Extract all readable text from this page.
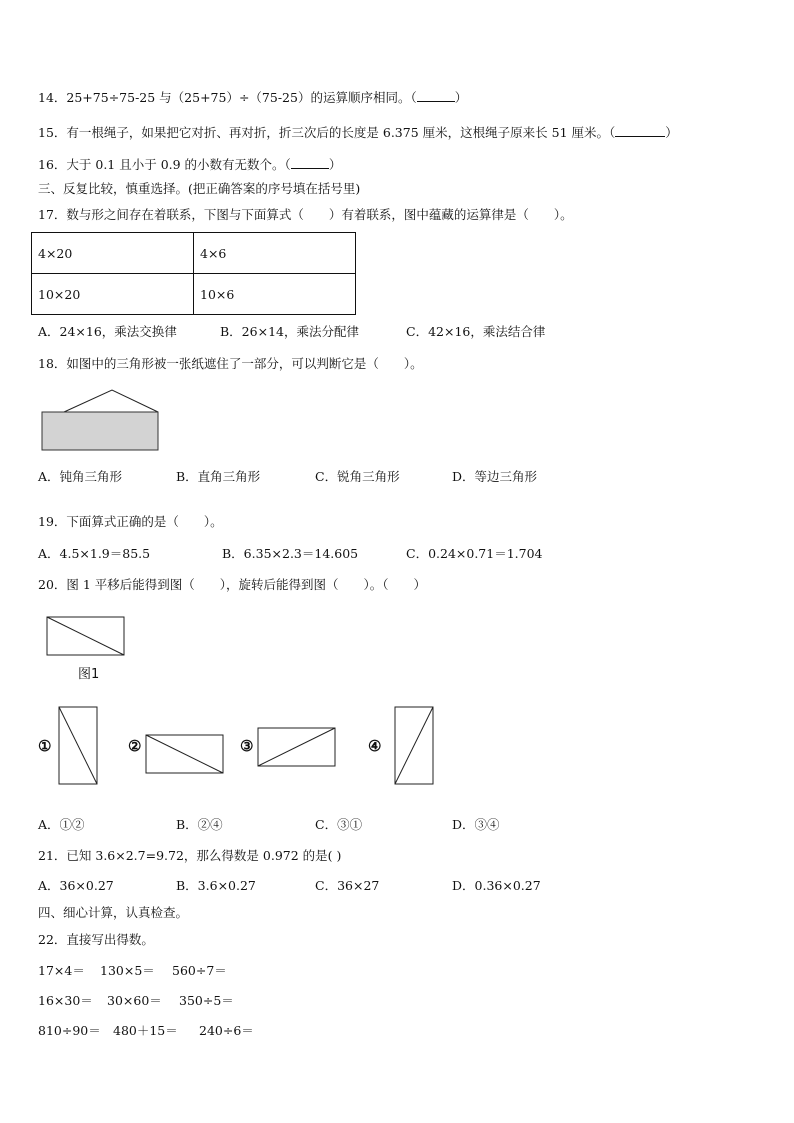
14．25+75÷75-25 与（25+75）÷（75-25）的运算顺序相同。（	）
15．有一根绳子，如果把它对折、再对折，折三次后的长度是 6.375 厘米，这根绳子原来长 51 厘米。（	）
16．大于 0.1 且小于 0.9 的小数有无数个。（	）
三、反复比较，慎重选择。(把正确答案的序号填在括号里)
17．数与形之间存在着联系，下图与下面算式（　　）有着联系，图中蕴藏的运算律是（　　）。
4×20	4×6
10×20	10×6
A．24×16，乘法交换律	B．26×14，乘法分配律	C．42×16，乘法结合律
18．如图中的三角形被一张纸遮住了一部分，可以判断它是（　　）。
A．钝角三角形	B．直角三角形	C．锐角三角形	D．等边三角形
19．下面算式正确的是（　　）。
A．4.5×1.9＝85.5	B．6.35×2.3＝14.605	C．0.24×0.71＝1.704
20．图 1 平移后能得到图（　　），旋转后能得到图（　　）。（　　）
图1
①	②	③	④
A．①②	B．②④	C．③①	D．③④
21．已知 3.6×2.7=9.72，那么得数是 0.972 的是( )
A．36×0.27	B．3.6×0.27	C．36×27	D．0.36×0.27
四、细心计算，认真检查。
22．直接写出得数。
17×4＝ 130×5＝ 560÷7＝
16×30＝ 30×60＝ 350÷5＝
810÷90＝ 480＋15＝ 240÷6＝
